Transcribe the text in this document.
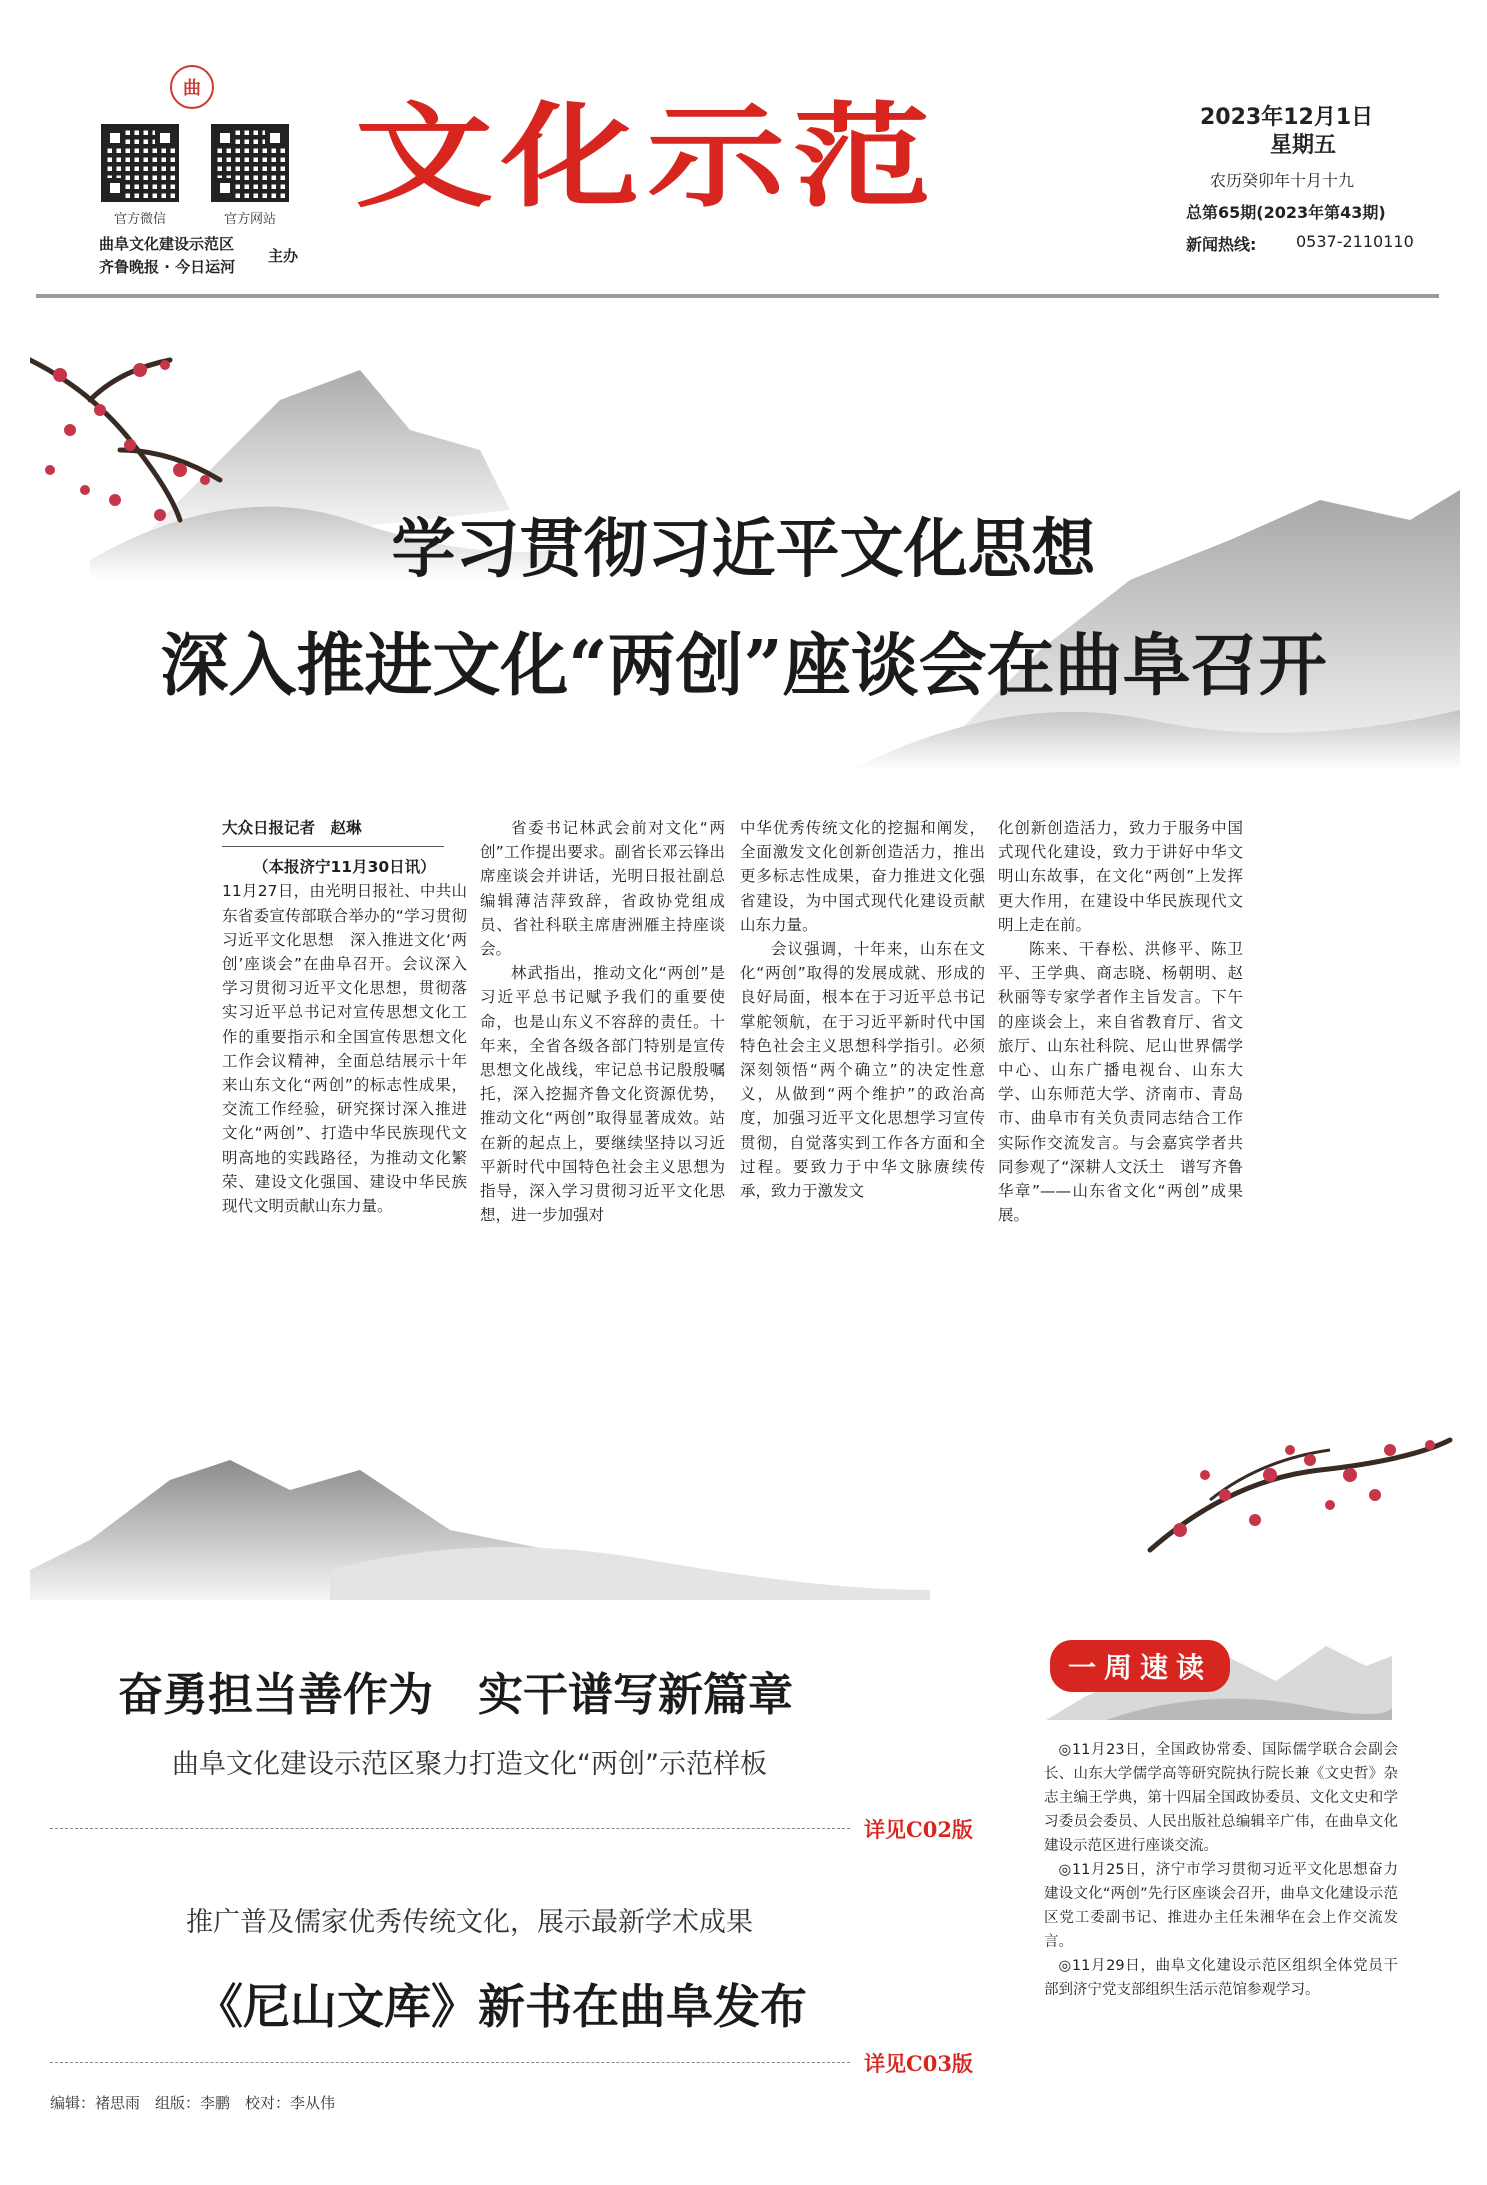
官方微信	官方网站
曲阜文化建设示范区
齐鲁晚报 · 今日运河
主办
曲
文化示范	2023年12月1日
星期五
农历癸卯年十月十九
总第65期(2023年第43期)
新闻热线: 0537-2110110
学习贯彻习近平文化思想
深入推进文化“两创”座谈会在曲阜召开
大众日报记者　赵琳

（本报济宁11月30日讯）

11月27日，由光明日报社、中共山东省委宣传部联合举办的“学习贯彻习近平文化思想　深入推进文化‘两创’座谈会”在曲阜召开。会议深入学习贯彻习近平文化思想，贯彻落实习近平总书记对宣传思想文化工作的重要指示和全国宣传思想文化工作会议精神，全面总结展示十年来山东文化“两创”的标志性成果，交流工作经验，研究探讨深入推进文化“两创”、打造中华民族现代文明高地的实践路径，为推动文化繁荣、建设文化强国、建设中华民族现代文明贡献山东力量。

省委书记林武会前对文化“两创”工作提出要求。副省长邓云锋出席座谈会并讲话，光明日报社副总编辑薄洁萍致辞，省政协党组成员、省社科联主席唐洲雁主持座谈会。

林武指出，推动文化“两创”是习近平总书记赋予我们的重要使命，也是山东义不容辞的责任。十年来，全省各级各部门特别是宣传思想文化战线，牢记总书记殷殷嘱托，深入挖掘齐鲁文化资源优势，推动文化“两创”取得显著成效。站在新的起点上，要继续坚持以习近平新时代中国特色社会主义思想为指导，深入学习贯彻习近平文化思想，进一步加强对

中华优秀传统文化的挖掘和阐发，全面激发文化创新创造活力，推出更多标志性成果，奋力推进文化强省建设，为中国式现代化建设贡献山东力量。

会议强调，十年来，山东在文化“两创”取得的发展成就、形成的良好局面，根本在于习近平总书记掌舵领航，在于习近平新时代中国特色社会主义思想科学指引。必须深刻领悟“两个确立”的决定性意义，从做到“两个维护”的政治高度，加强习近平文化思想学习宣传贯彻，自觉落实到工作各方面和全过程。要致力于中华文脉赓续传承，致力于激发文

化创新创造活力，致力于服务中国式现代化建设，致力于讲好中华文明山东故事，在文化“两创”上发挥更大作用，在建设中华民族现代文明上走在前。

陈来、干春松、洪修平、陈卫平、王学典、商志晓、杨朝明、赵秋丽等专家学者作主旨发言。下午的座谈会上，来自省教育厅、省文旅厅、山东社科院、尼山世界儒学中心、山东广播电视台、山东大学、山东师范大学、济南市、青岛市、曲阜市有关负责同志结合工作实际作交流发言。与会嘉宾学者共同参观了“深耕人文沃土　谱写齐鲁华章”——山东省文化“两创”成果展。

奋勇担当善作为　实干谱写新篇章
曲阜文化建设示范区聚力打造文化“两创”示范样板
详见C02版
推广普及儒家优秀传统文化，展示最新学术成果
《尼山文库》新书在曲阜发布
详见C03版
一周速读

◎11月23日，全国政协常委、国际儒学联合会副会长、山东大学儒学高等研究院执行院长兼《文史哲》杂志主编王学典，第十四届全国政协委员、文化文史和学习委员会委员、人民出版社总编辑辛广伟，在曲阜文化建设示范区进行座谈交流。

◎11月25日，济宁市学习贯彻习近平文化思想奋力建设文化“两创”先行区座谈会召开，曲阜文化建设示范区党工委副书记、推进办主任朱湘华在会上作交流发言。

◎11月29日，曲阜文化建设示范区组织全体党员干部到济宁党支部组织生活示范馆参观学习。

编辑：褚思雨　组版：李鹏　校对：李从伟
